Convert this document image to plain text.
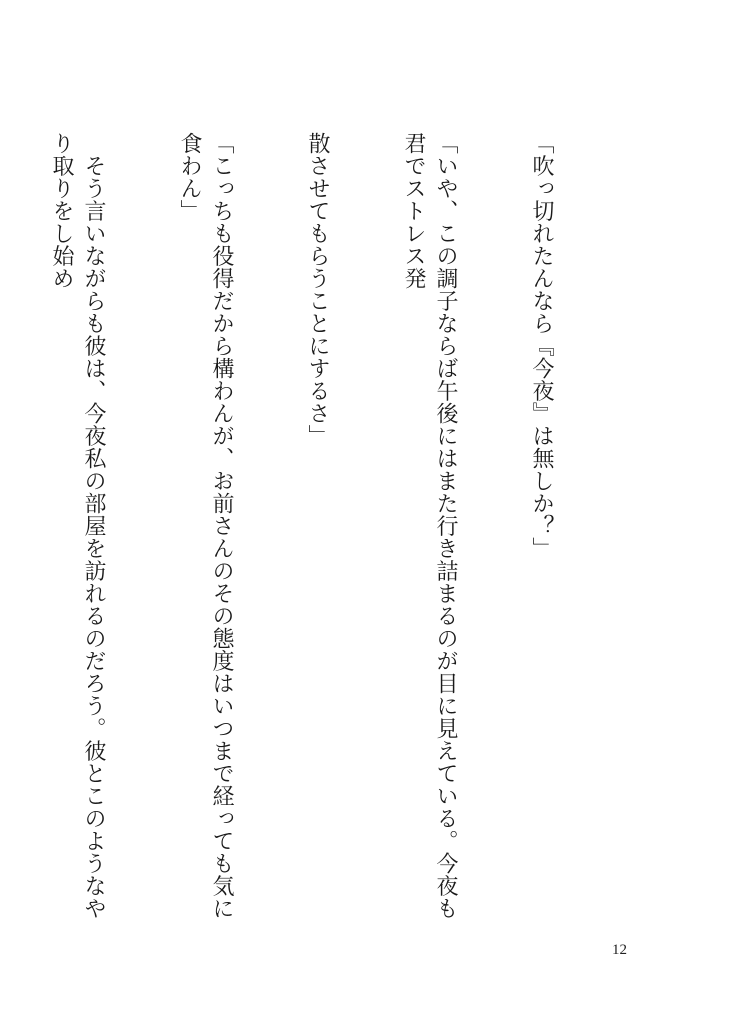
「吹っ切れたんなら『今夜』は無しか？」

「いや、この調子ならば午後にはまた行き詰まるのが目に見えている。今夜も君でストレス発

散させてもらうことにするさ」

「こっちも役得だから構わんが、お前さんのその態度はいつまで経っても気に食わん」

　そう言いながらも彼は、今夜私の部屋を訪れるのだろう。彼とこのようなやり取りをし始め

12
